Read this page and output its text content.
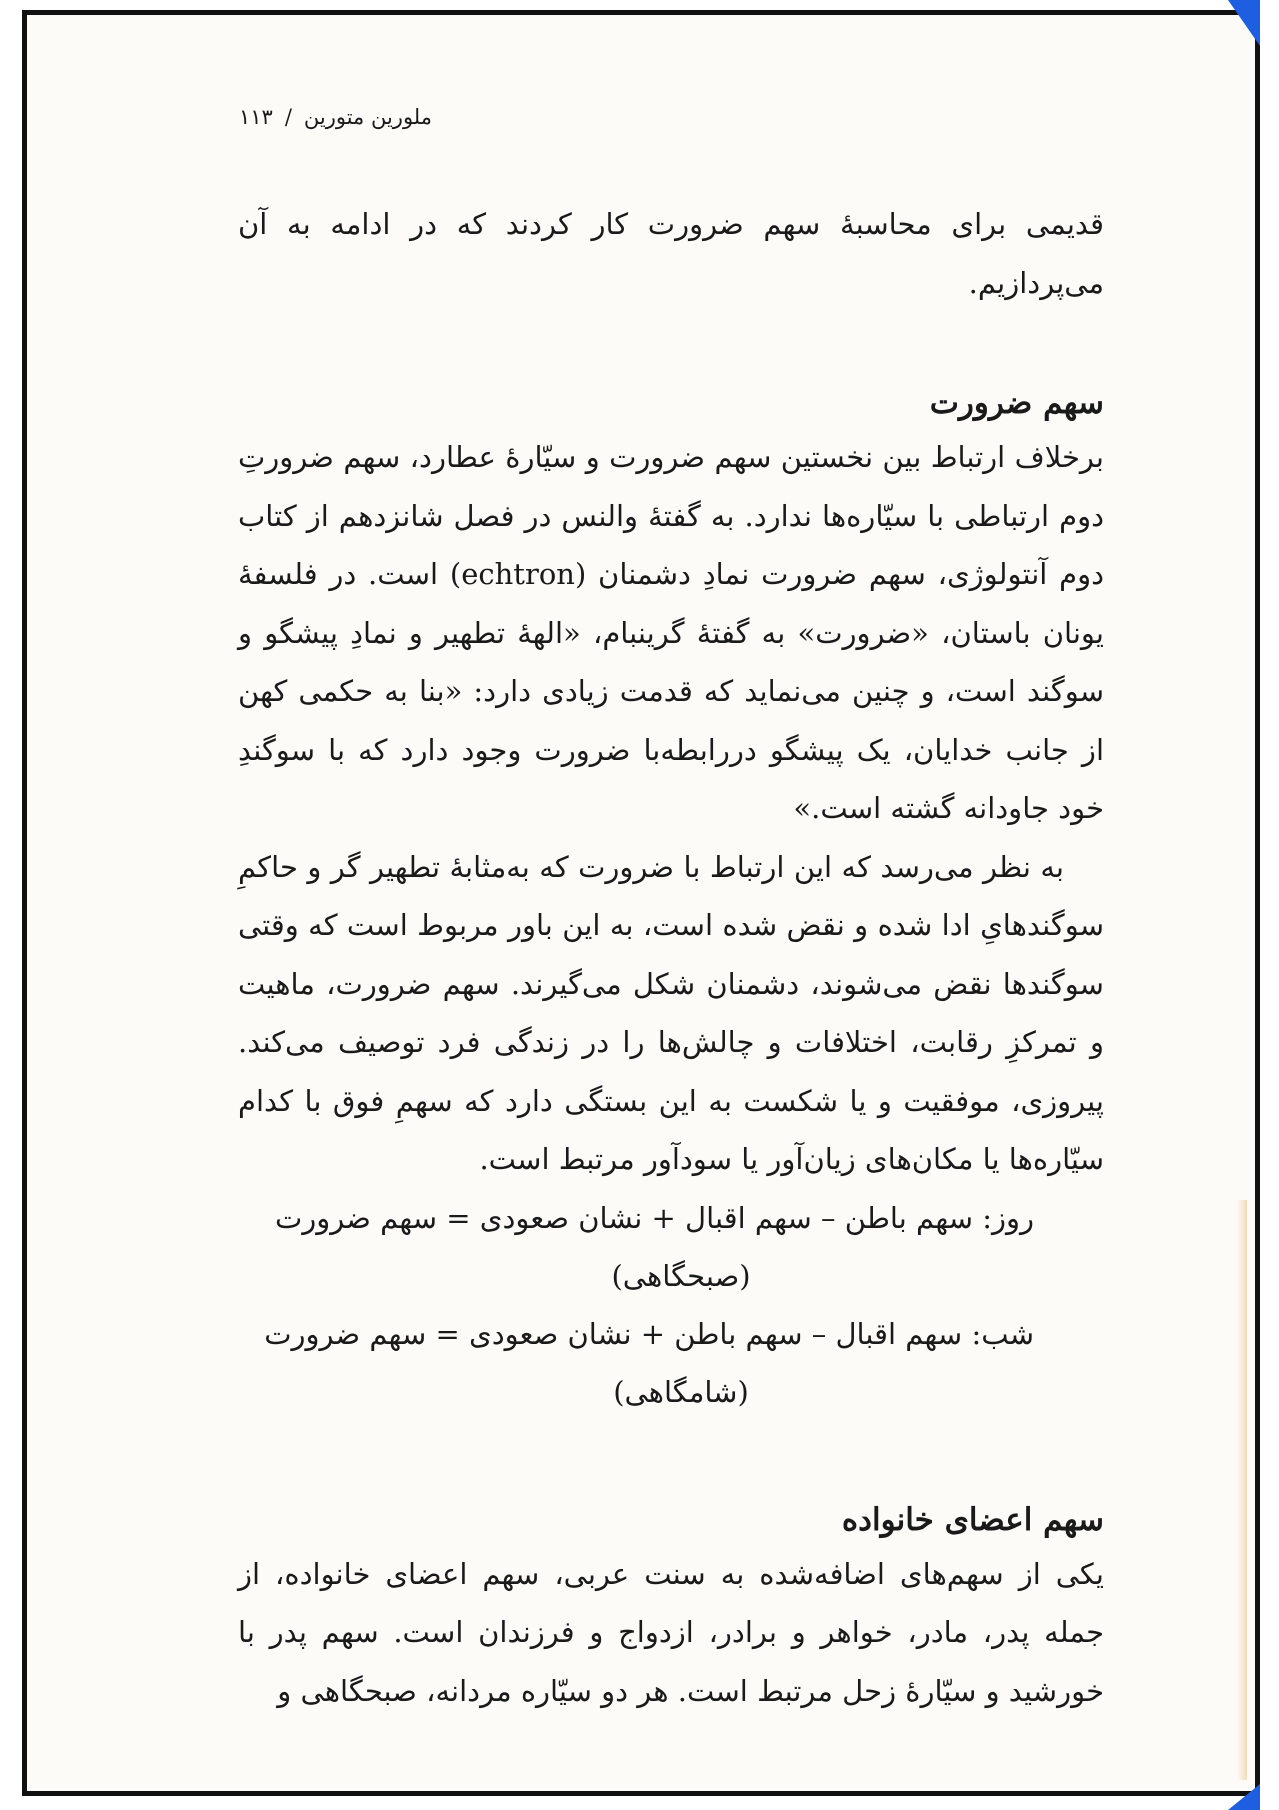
ملورین متورین/۱۱۳

قدیمی برای محاسبهٔ سهم ضرورت کار کردند که در ادامه به آن می‌پردازیم.

سهم ضرورت

برخلاف ارتباط بین نخستین سهم ضرورت و سیّارهٔ عطارد، سهم ضرورتِ دوم ارتباطی با سیّاره‌ها ندارد. به گفتهٔ والنس در فصل شانزدهم از کتاب دوم آنتولوژی، سهم ضرورت نمادِ دشمنان (echtron) است. در فلسفهٔ یونان باستان، «ضرورت» به گفتهٔ گرینبام، «الههٔ تطهیر و نمادِ پیشگو و سوگند است، و چنین می‌نماید که قدمت زیادی دارد: «بنا به حکمی کهن از جانب خدایان، یک پیشگو دررابطه‌با ضرورت وجود دارد که با سوگندِ خود جاودانه گشته است.»

به نظر می‌رسد که این ارتباط با ضرورت که به‌مثابهٔ تطهیر گر و حاکمِ سوگندهایِ ادا شده و نقض شده است، به این باور مربوط است که وقتی سوگندها نقض می‌شوند، دشمنان شکل می‌گیرند. سهم ضرورت، ماهیت و تمرکزِ رقابت، اختلافات و چالش‌ها را در زندگی فرد توصیف می‌کند. پیروزی، موفقیت و یا شکست به این بستگی دارد که سهمِ فوق با کدام سیّاره‌ها یا مکان‌های زیان‌آور یا سودآور مرتبط است.

روز: سهم باطن – سهم اقبال + نشان صعودی = سهم ضرورت
(صبحگاهی)
شب: سهم اقبال – سهم باطن + نشان صعودی = سهم ضرورت
(شامگاهی)
سهم اعضای خانواده

یکی از سهم‌های اضافه‌شده به سنت عربی، سهم اعضای خانواده، از جمله پدر، مادر، خواهر و برادر، ازدواج و فرزندان است. سهم پدر با خورشید و سیّارهٔ زحل مرتبط است. هر دو سیّاره مردانه، صبحگاهی و
